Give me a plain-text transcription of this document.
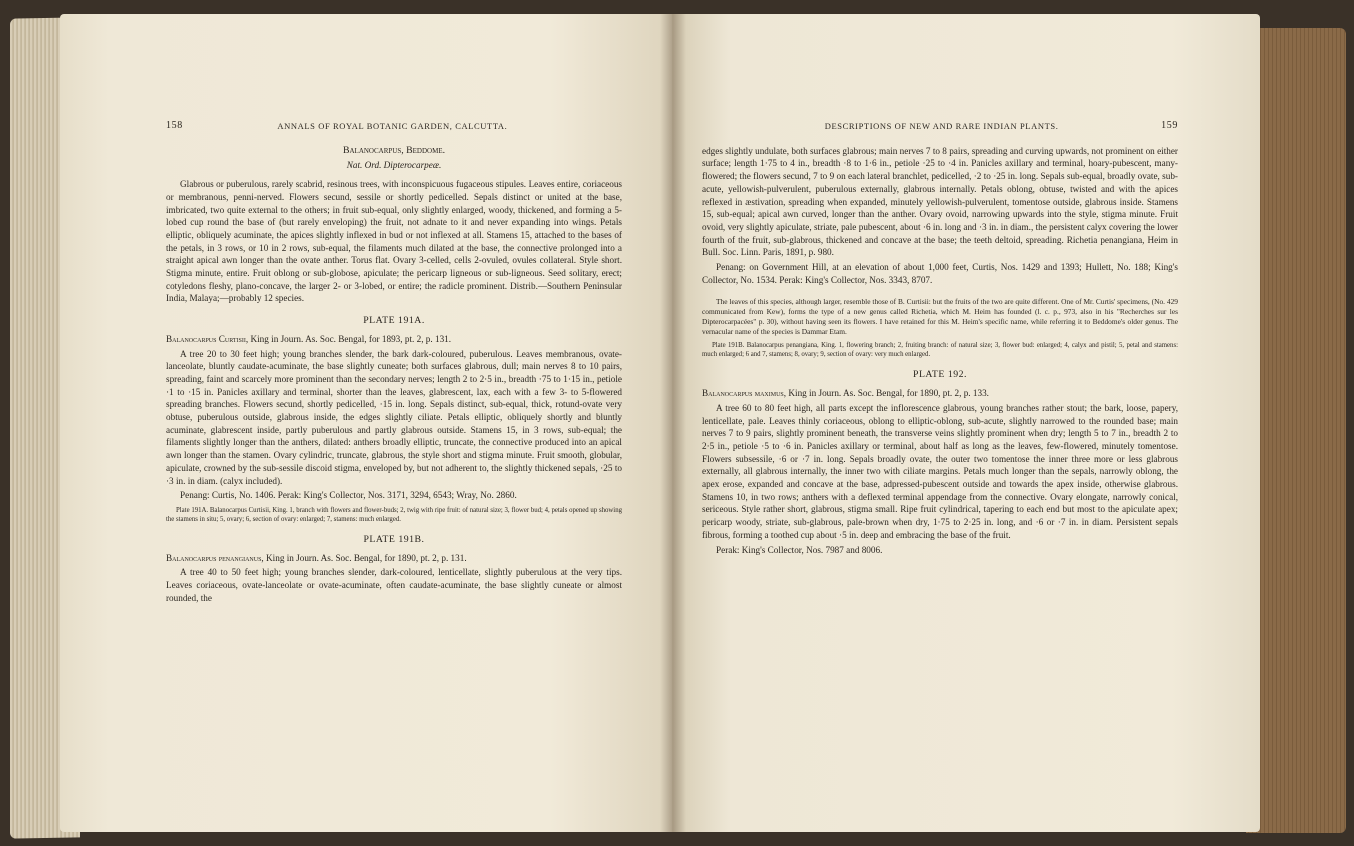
158	ANNALS OF ROYAL BOTANIC GARDEN, CALCUTTA.
Balanocarpus, Beddome.
Nat. Ord. Dipterocarpeæ.

Glabrous or puberulous, rarely scabrid, resinous trees, with inconspicuous fugaceous stipules. Leaves entire, coriaceous or membranous, penni-nerved. Flowers secund, sessile or shortly pedicelled. Sepals distinct or united at the base, imbricated, two quite external to the others; in fruit sub-equal, only slightly enlarged, woody, thickened, and forming a 5-lobed cup round the base of (but rarely enveloping) the fruit, not adnate to it and never expanding into wings. Petals elliptic, obliquely acuminate, the apices slightly inflexed in bud or not inflexed at all. Stamens 15, attached to the bases of the petals, in 3 rows, or 10 in 2 rows, sub-equal, the filaments much dilated at the base, the connective prolonged into a straight apical awn longer than the ovate anther. Torus flat. Ovary 3-celled, cells 2-ovuled, ovules collateral. Style short. Stigma minute, entire. Fruit oblong or sub-globose, apiculate; the pericarp ligneous or sub-ligneous. Seed solitary, erect; cotyledons fleshy, plano-concave, the larger 2- or 3-lobed, or entire; the radicle prominent. Distrib.—Southern Peninsular India, Malaya;—probably 12 species.

PLATE 191A.

Balanocarpus Curtisii, King in Journ. As. Soc. Bengal, for 1893, pt. 2, p. 131.

A tree 20 to 30 feet high; young branches slender, the bark dark-coloured, puberulous. Leaves membranous, ovate-lanceolate, bluntly caudate-acuminate, the base slightly cuneate; both surfaces glabrous, dull; main nerves 8 to 10 pairs, spreading, faint and scarcely more prominent than the secondary nerves; length 2 to 2·5 in., breadth ·75 to 1·15 in., petiole ·1 to ·15 in. Panicles axillary and terminal, shorter than the leaves, glabrescent, lax, each with a few 3- to 5-flowered spreading branches. Flowers secund, shortly pedicelled, ·15 in. long. Sepals distinct, sub-equal, thick, rotund-ovate very obtuse, puberulous outside, glabrous inside, the edges slightly ciliate. Petals elliptic, obliquely shortly and bluntly acuminate, glabrescent inside, partly puberulous and partly glabrous outside. Stamens 15, in 3 rows, sub-equal; the filaments slightly longer than the anthers, dilated: anthers broadly elliptic, truncate, the connective produced into an apical awn longer than the stamen. Ovary cylindric, truncate, glabrous, the style short and stigma minute. Fruit smooth, globular, apiculate, crowned by the sub-sessile discoid stigma, enveloped by, but not adherent to, the slightly thickened sepals, ·25 to ·3 in. in diam. (calyx included).

Penang: Curtis, No. 1406. Perak: King's Collector, Nos. 3171, 3294, 6543; Wray, No. 2860.

Plate 191A. Balanocarpus Curtisii, King. 1, branch with flowers and flower-buds; 2, twig with ripe fruit: of natural size; 3, flower bud; 4, petals opened up showing the stamens in situ; 5, ovary; 6, section of ovary: enlarged; 7, stamens: much enlarged.

PLATE 191B.

Balanocarpus penangianus, King in Journ. As. Soc. Bengal, for 1890, pt. 2, p. 131.

A tree 40 to 50 feet high; young branches slender, dark-coloured, lenticellate, slightly puberulous at the very tips. Leaves coriaceous, ovate-lanceolate or ovate-acuminate, often caudate-acuminate, the base slightly cuneate or almost rounded, the

DESCRIPTIONS OF NEW AND RARE INDIAN PLANTS.	159

edges slightly undulate, both surfaces glabrous; main nerves 7 to 8 pairs, spreading and curving upwards, not prominent on either surface; length 1·75 to 4 in., breadth ·8 to 1·6 in., petiole ·25 to ·4 in. Panicles axillary and terminal, hoary-pubescent, many-flowered; the flowers secund, 7 to 9 on each lateral branchlet, pedicelled, ·2 to ·25 in. long. Sepals sub-equal, broadly ovate, sub-acute, yellowish-pulverulent, puberulous externally, glabrous internally. Petals oblong, obtuse, twisted and with the apices reflexed in æstivation, spreading when expanded, minutely yellowish-pulverulent, tomentose outside, glabrous inside. Stamens 15, sub-equal; apical awn curved, longer than the anther. Ovary ovoid, narrowing upwards into the style, stigma minute. Fruit ovoid, very slightly apiculate, striate, pale pubescent, about ·6 in. long and ·3 in. in diam., the persistent calyx covering the lower fourth of the fruit, sub-glabrous, thickened and concave at the base; the teeth deltoid, spreading. Richetia penangiana, Heim in Bull. Soc. Linn. Paris, 1891, p. 980.

Penang: on Government Hill, at an elevation of about 1,000 feet, Curtis, Nos. 1429 and 1393; Hullett, No. 188; King's Collector, No. 1534. Perak: King's Collector, Nos. 3343, 8707.

The leaves of this species, although larger, resemble those of B. Curtisii: but the fruits of the two are quite different. One of Mr. Curtis' specimens, (No. 429 communicated from Kew), forms the type of a new genus called Richetia, which M. Heim has founded (l. c. p., 973, also in his "Recherches sur les Dipterocarpacées" p. 30), without having seen its flowers. I have retained for this M. Heim's specific name, while referring it to Beddome's older genus. The vernacular name of the species is Dammar Etam.

Plate 191B. Balanocarpus penangiana, King. 1, flowering branch; 2, fruiting branch: of natural size; 3, flower bud: enlarged; 4, calyx and pistil; 5, petal and stamens: much enlarged; 6 and 7, stamens; 8, ovary; 9, section of ovary: very much enlarged.

PLATE 192.

Balanocarpus maximus, King in Journ. As. Soc. Bengal, for 1890, pt. 2, p. 133.

A tree 60 to 80 feet high, all parts except the inflorescence glabrous, young branches rather stout; the bark, loose, papery, lenticellate, pale. Leaves thinly coriaceous, oblong to elliptic-oblong, sub-acute, slightly narrowed to the rounded base; main nerves 7 to 9 pairs, slightly prominent beneath, the transverse veins slightly prominent when dry; length 5 to 7 in., breadth 2 to 2·5 in., petiole ·5 to ·6 in. Panicles axillary or terminal, about half as long as the leaves, few-flowered, minutely tomentose. Flowers subsessile, ·6 or ·7 in. long. Sepals broadly ovate, the outer two tomentose the inner three more or less glabrous externally, all glabrous internally, the inner two with ciliate margins. Petals much longer than the sepals, narrowly oblong, the apex erose, expanded and concave at the base, adpressed-pubescent outside and towards the apex inside, otherwise glabrous. Stamens 10, in two rows; anthers with a deflexed terminal appendage from the connective. Ovary elongate, narrowly conical, sericeous. Style rather short, glabrous, stigma small. Ripe fruit cylindrical, tapering to each end but most to the apiculate apex; pericarp woody, striate, sub-glabrous, pale-brown when dry, 1·75 to 2·25 in. long, and ·6 or ·7 in. in diam. Persistent sepals fibrous, forming a toothed cup about ·5 in. deep and embracing the base of the fruit.

Perak: King's Collector, Nos. 7987 and 8006.
